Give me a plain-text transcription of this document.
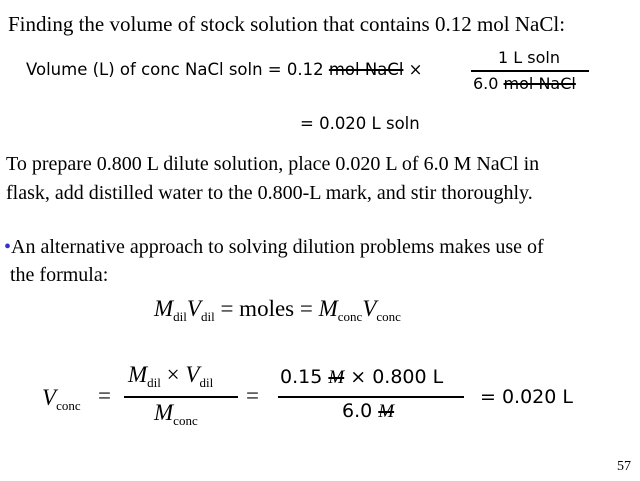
Finding the volume of stock solution that contains 0.12 mol NaCl:
Volume (L) of conc NaCl soln = 0.12 mol NaCl ×
1 L soln
6.0 mol NaCl
= 0.020 L soln
To prepare 0.800 L dilute solution, place 0.020 L of 6.0 M NaCl in
flask, add distilled water to the 0.800-L mark, and stir thoroughly.
•An alternative approach to solving dilution problems makes use of
the formula:
$M_{dil}V_{dil}$ = moles = $M_{conc}V_{conc}$
$V_{conc}$ =
$M_{dil} \times V_{dil}$
$M_{conc}$
=
0.15 M × 0.800 L
6.0 M
= 0.020 L
57
